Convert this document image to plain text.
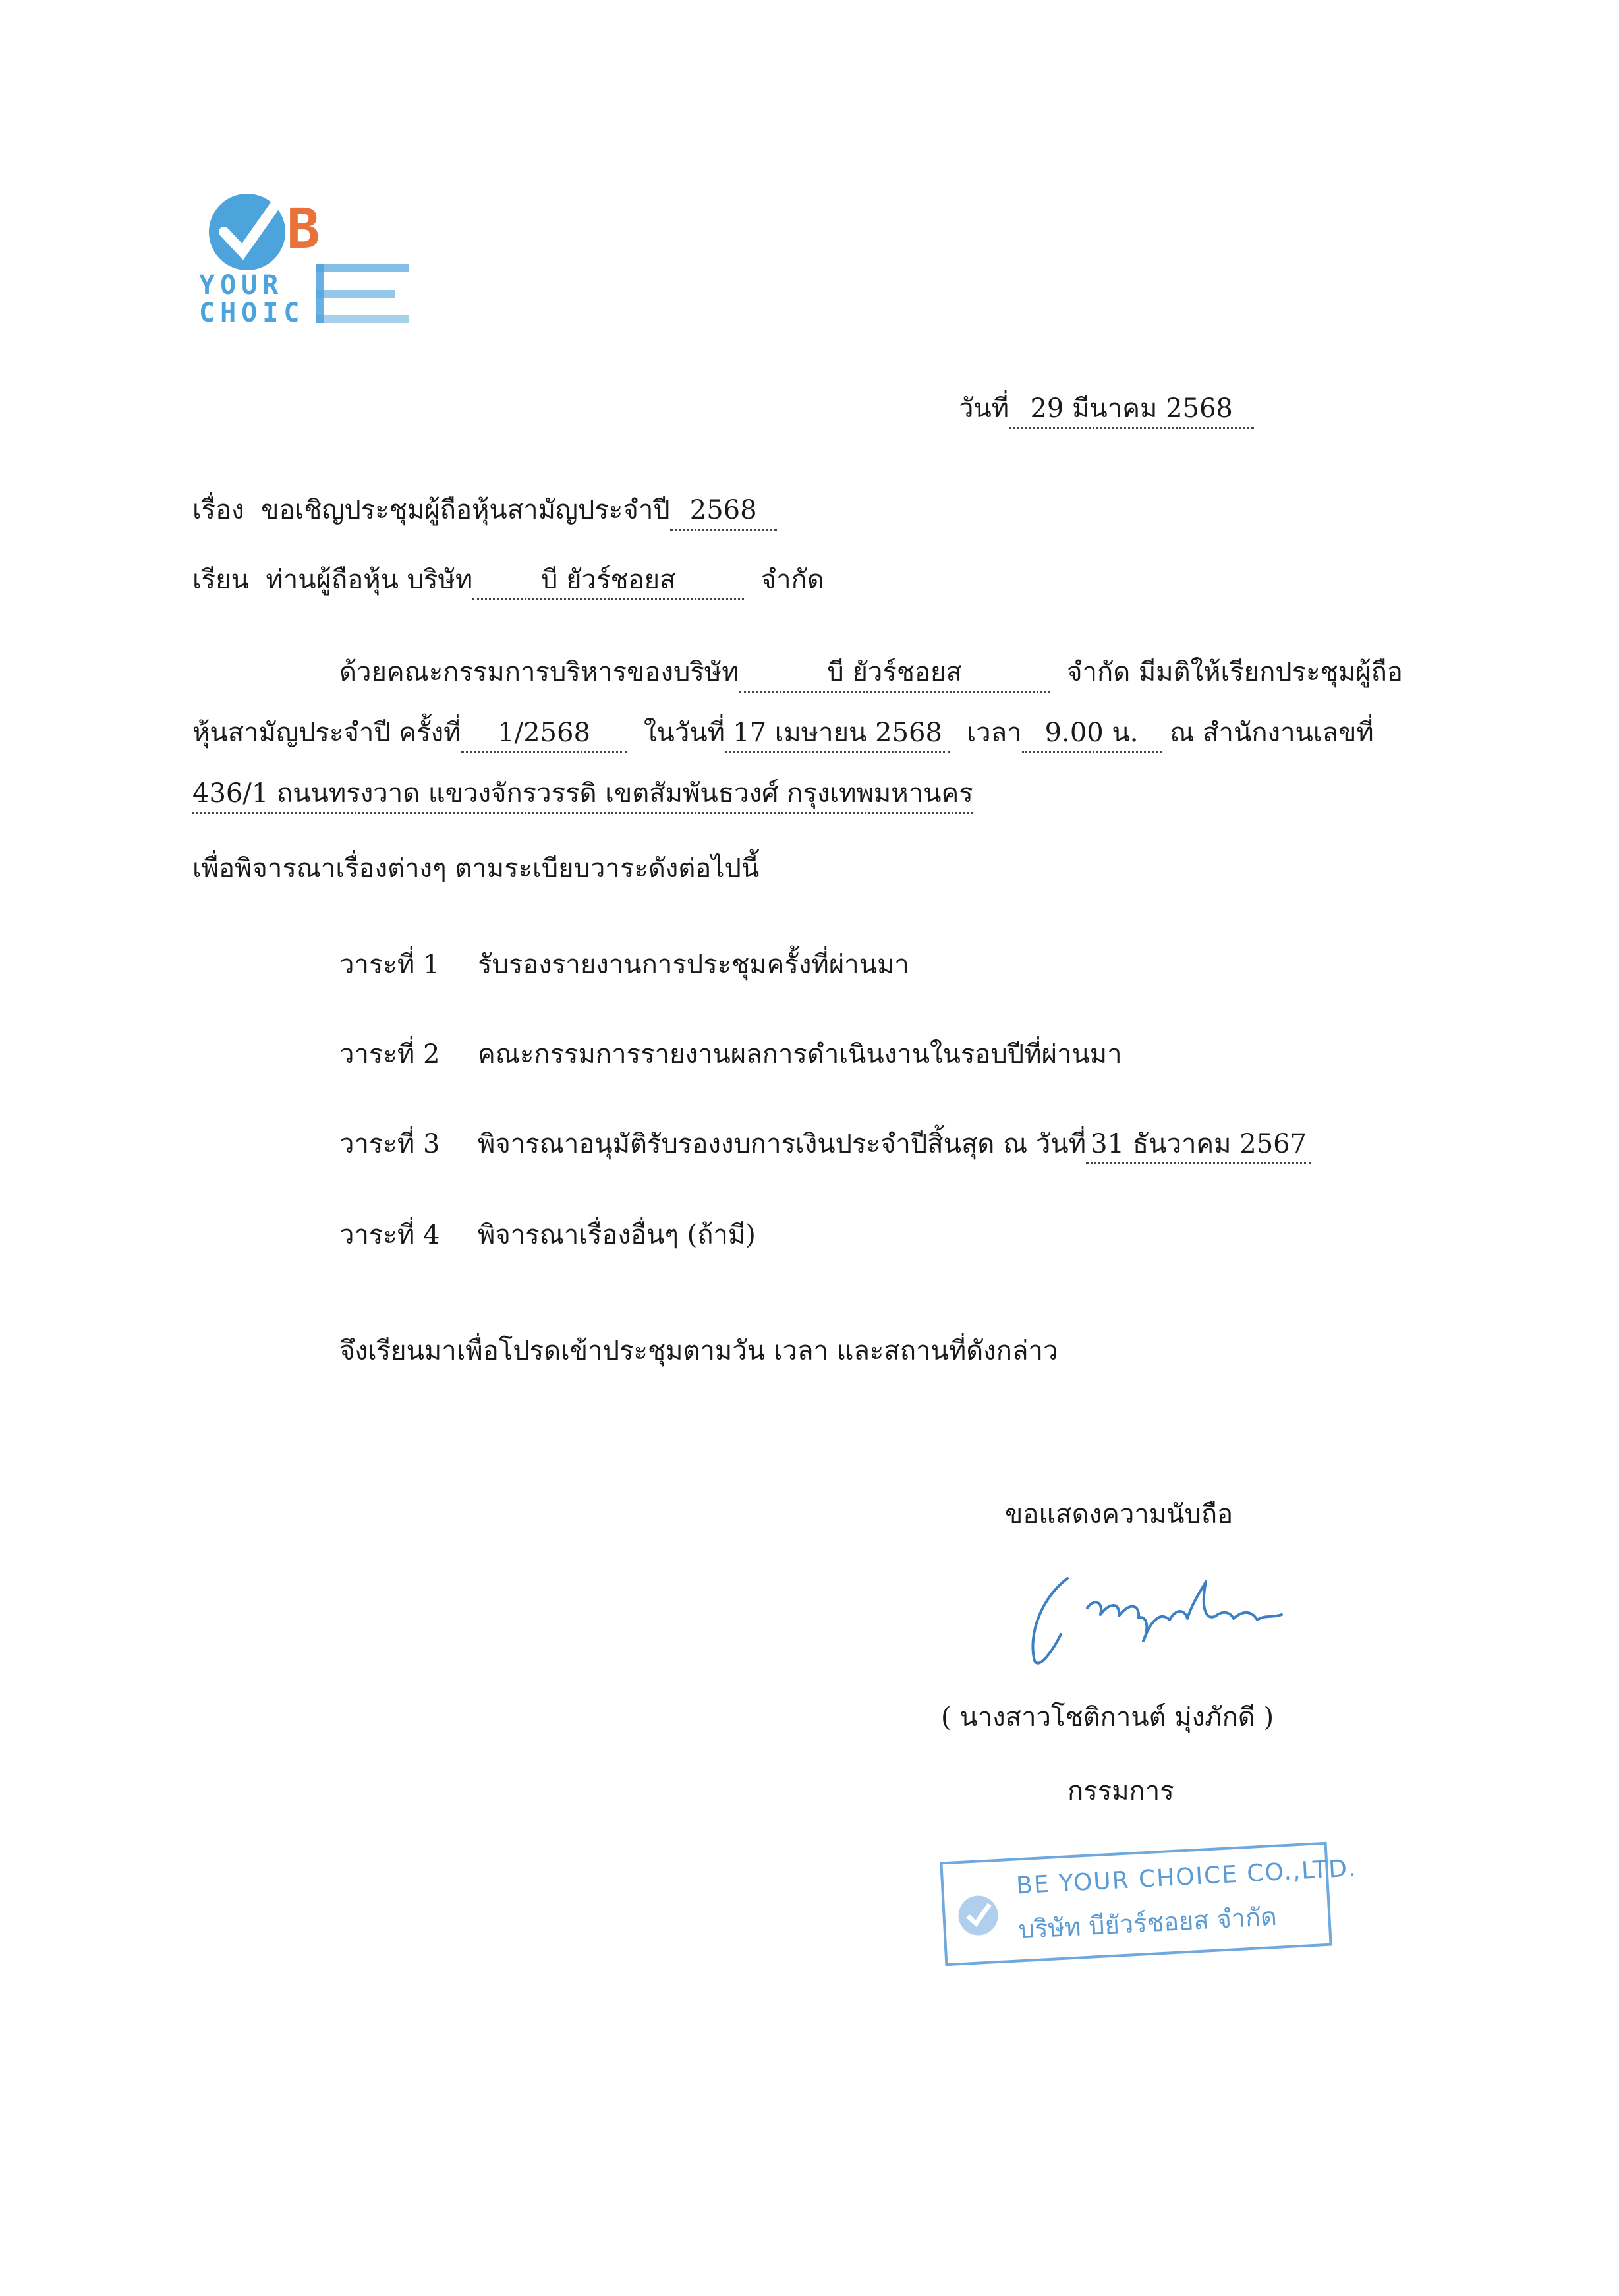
B
YOUR
CHOIC
วันที่ 29 มีนาคม 2568
เรื่อง ขอเชิญประชุมผู้ถือหุ้นสามัญประจำปี 2568
เรียน ท่านผู้ถือหุ้น บริษัท	บี ยัวร์ชอยส	จำกัด
ด้วยคณะกรรมการบริหารของบริษัท	บี ยัวร์ชอยส	จำกัด มีมติให้เรียกประชุมผู้ถือ
หุ้นสามัญประจำปี ครั้งที่ 1/2568 ในวันที่ 17 เมษายน 2568 เวลา 9.00 น. ณ สำนักงานเลขที่
436/1 ถนนทรงวาด แขวงจักรวรรดิ เขตสัมพันธวงศ์ กรุงเทพมหานคร
เพื่อพิจารณาเรื่องต่างๆ ตามระเบียบวาระดังต่อไปนี้
วาระที่ 1 รับรองรายงานการประชุมครั้งที่ผ่านมา
วาระที่ 2 คณะกรรมการรายงานผลการดำเนินงานในรอบปีที่ผ่านมา
วาระที่ 3 พิจารณาอนุมัติรับรองงบการเงินประจำปีสิ้นสุด ณ วันที่ 31 ธันวาคม 2567
วาระที่ 4 พิจารณาเรื่องอื่นๆ (ถ้ามี)
จึงเรียนมาเพื่อโปรดเข้าประชุมตามวัน เวลา และสถานที่ดังกล่าว
ขอแสดงความนับถือ
( นางสาวโชติกานต์ มุ่งภักดี )
กรรมการ
BE YOUR CHOICE CO.,LTD.
บริษัท บียัวร์ชอยส จำกัด
